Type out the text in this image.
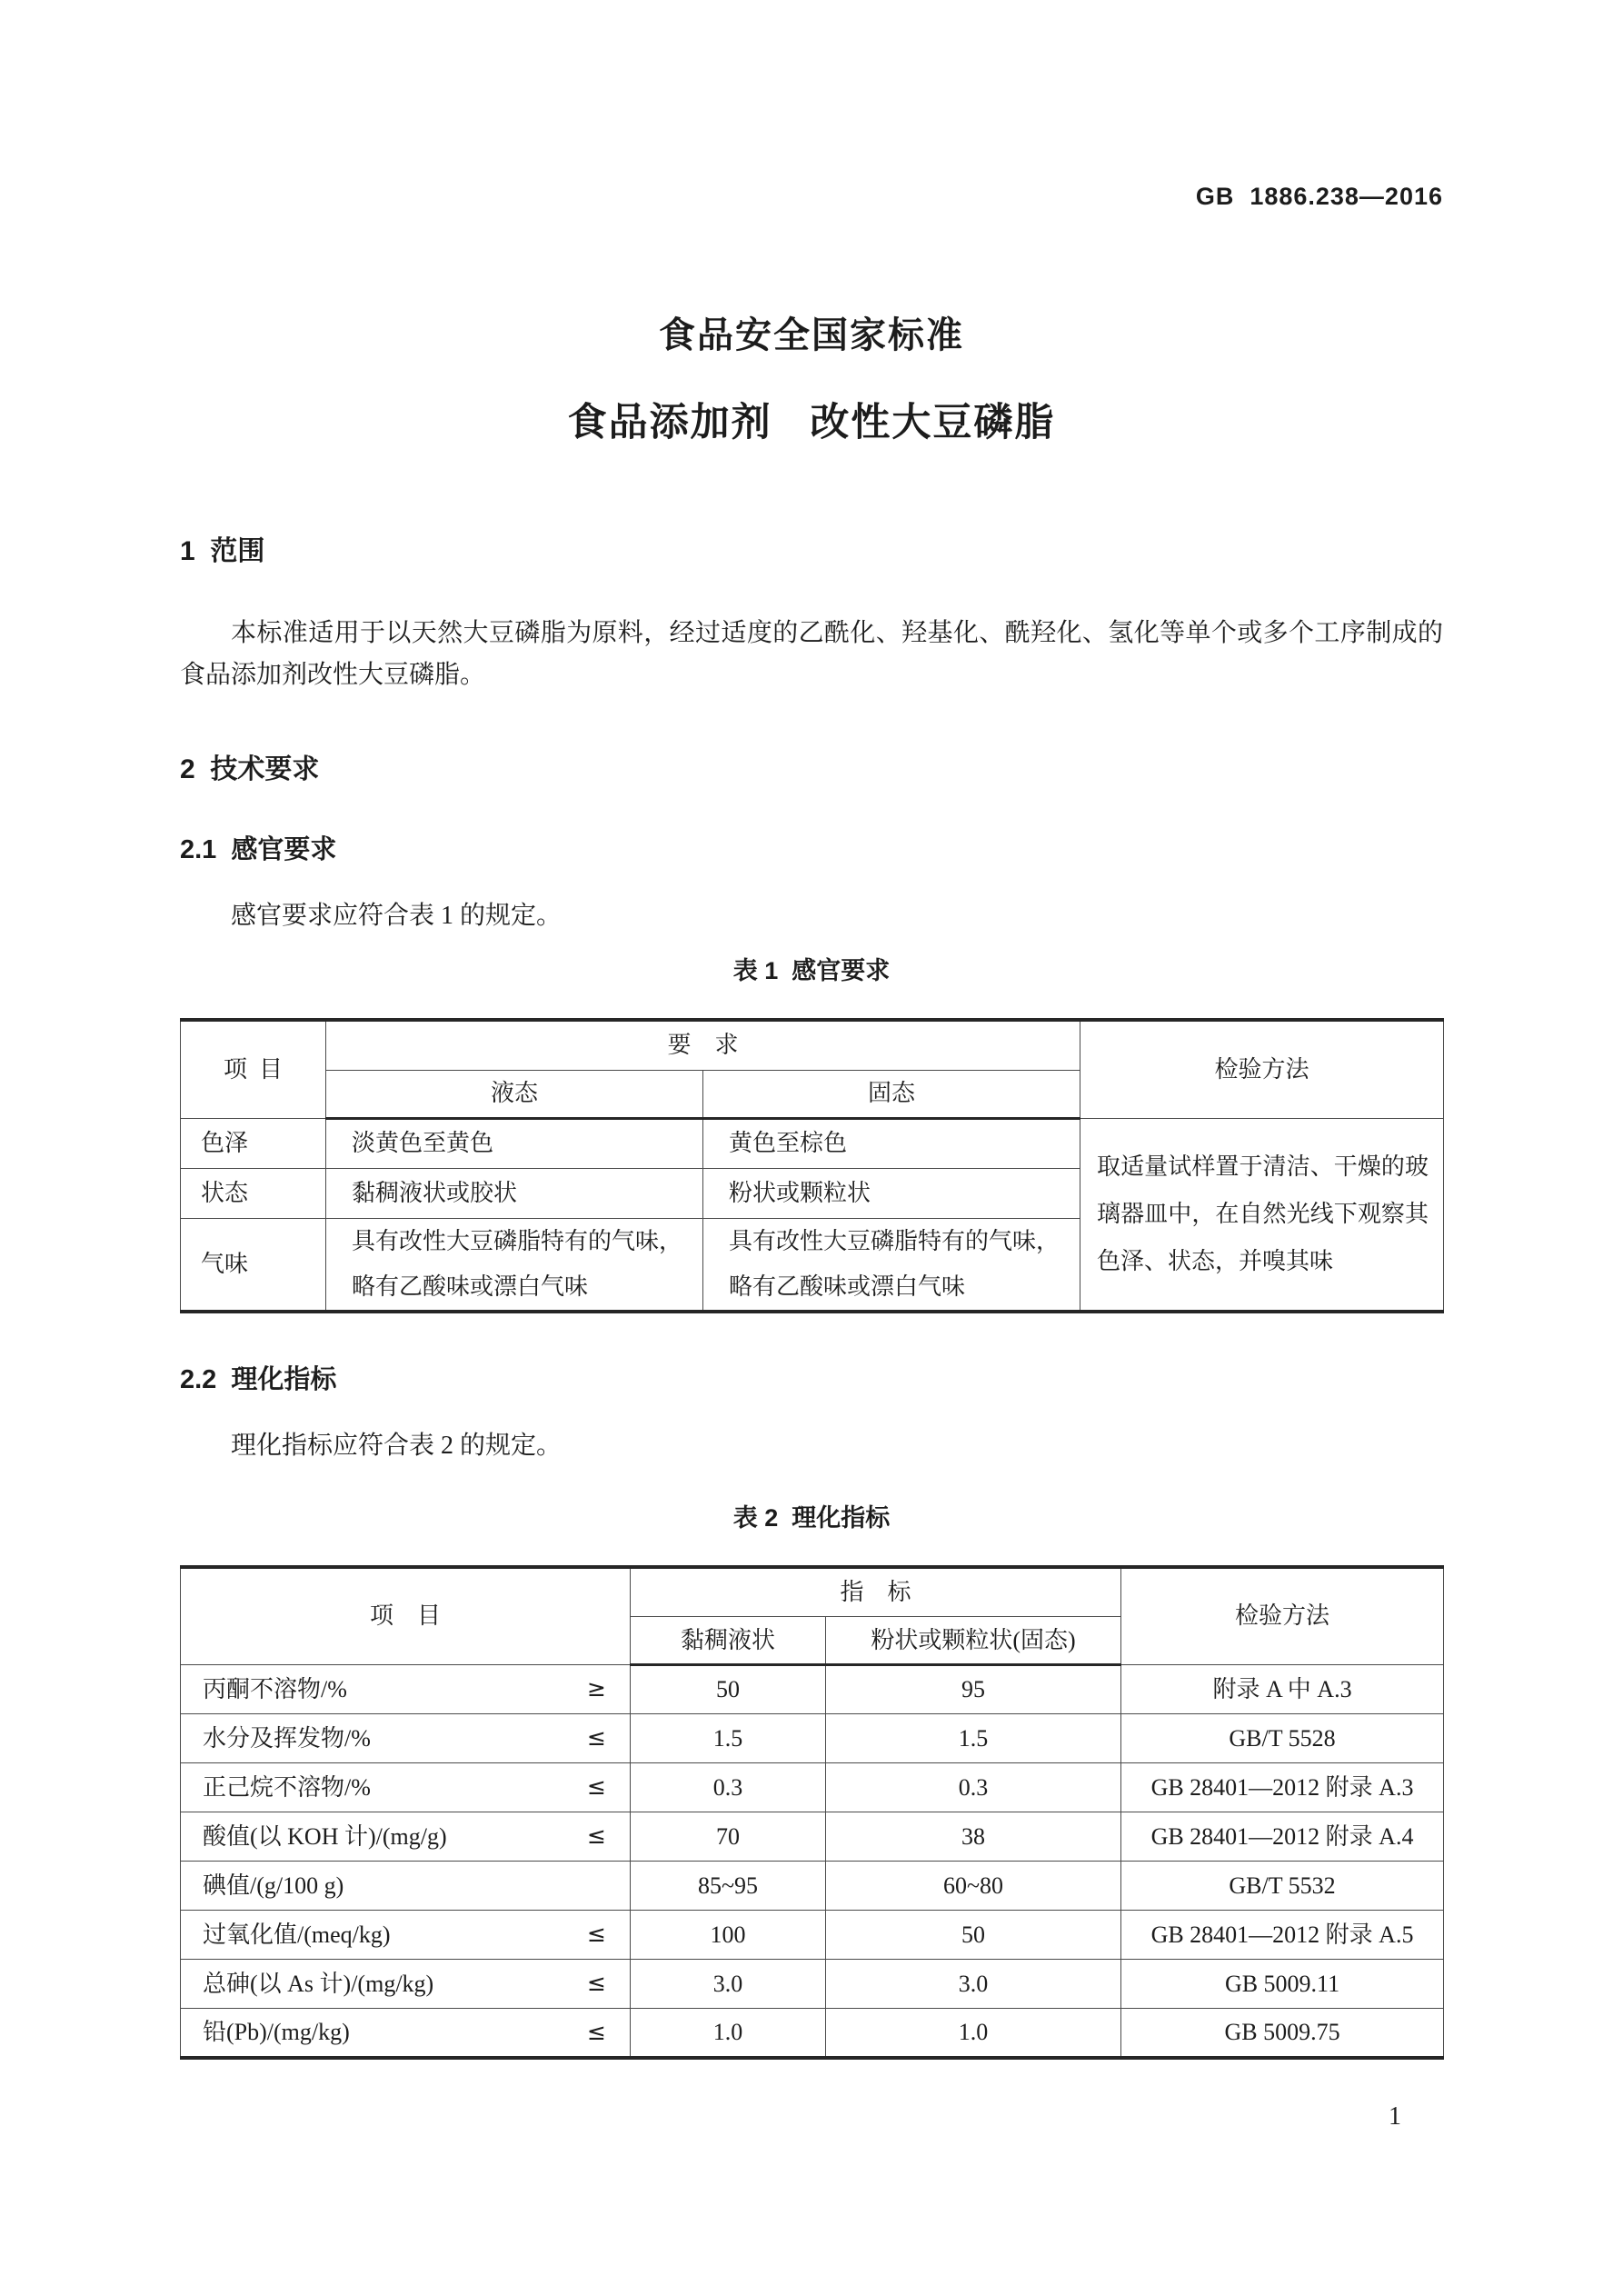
GB  1886.238—2016
食品安全国家标准
食品添加剂   改性大豆磷脂
1  范围

本标准适用于以天然大豆磷脂为原料，经过适度的乙酰化、羟基化、酰羟化、氢化等单个或多个工序制成的食品添加剂改性大豆磷脂。

2  技术要求
2.1  感官要求

感官要求应符合表 1 的规定。

表 1  感官要求
项  目	要    求		检验方法
	液态	固态	
色泽	淡黄色至黄色	黄色至棕色	取适量试样置于清洁、干燥的玻璃器皿中，在自然光线下观察其色泽、状态，并嗅其味
状态	黏稠液状或胶状	粉状或颗粒状	
气味	具有改性大豆磷脂特有的气味，略有乙酸味或漂白气味	具有改性大豆磷脂特有的气味，略有乙酸味或漂白气味	
2.2  理化指标

理化指标应符合表 2 的规定。

表 2  理化指标
项    目	指    标		检验方法
	黏稠液状	粉状或颗粒状(固态)	

丙酮不溶物/% ≥	50	95	附录 A 中 A.3

水分及挥发物/% ≤	1.5	1.5	GB/T 5528

正己烷不溶物/% ≤	0.3	0.3	GB 28401—2012 附录 A.3

酸值(以 KOH 计)/(mg/g) ≤	70	38	GB 28401—2012 附录 A.4

碘值/(g/100 g)	85~95	60~80	GB/T 5532

过氧化值/(meq/kg) ≤	100	50	GB 28401—2012 附录 A.5

总砷(以 As 计)/(mg/kg) ≤	3.0	3.0	GB 5009.11

铅(Pb)/(mg/kg) ≤	1.0	1.0	GB 5009.75
1
